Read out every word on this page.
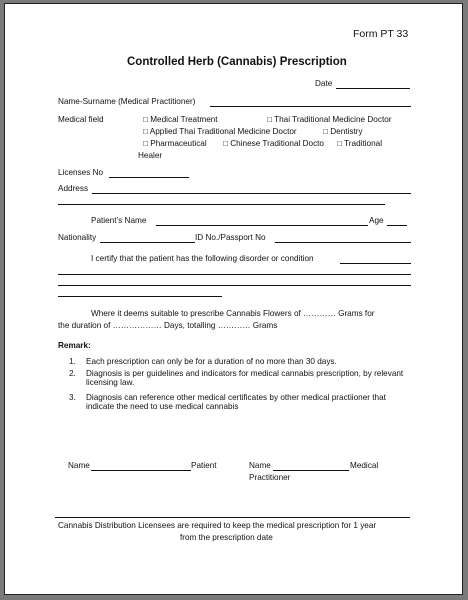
Form PT 33
Controlled Herb (Cannabis) Prescription
Date
Name-Surname (Medical Practitioner)
Medical field	□ Medical Treatment	□ Thai Traditional Medicine Doctor
□ Applied Thai Traditional Medicine Doctor	□ Dentistry
□ Pharmaceutical □ Chinese Traditional Docto □ Traditional
Healer
Licenses No
Address
Patient’s Name	Age
Nationality	ID No./Passport No
I certify that the patient has the following disorder or condition
Where it deems suitable to prescribe Cannabis Flowers of ………… Grams for
the duration of ……………… Days, totalling ………… Grams
Remark:
1. Each prescription can only be for a duration of no more than 30 days.
2. Diagnosis is per guidelines and indicators for medical cannabis prescription, by relevant licensing law.
3. Diagnosis can reference other medical certificates by other medical practiioner that indicate the need to use medical cannabis
Name	Patient	Name	Medical
Practitioner
Cannabis Distribution Licensees are required to keep the medical prescription for 1 year
from the prescription date
